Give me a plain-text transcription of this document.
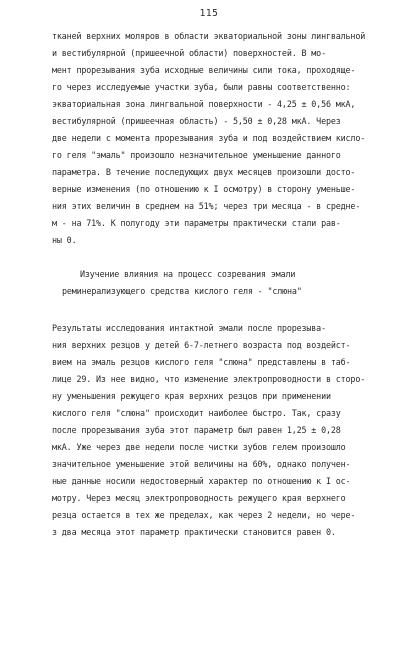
115
тканей верхних моляров в области экваториальной зоны лингвальной
и вестибулярной (пришеечной области) поверхностей. В мо-
мент прорезывания зуба исходные величины сили тока, проходяще-
го через исследуемые участки зуба, были равны соответственно:
экваториальная зона лингвальной поверхности - 4,25 ± 0,56 мкА,
вестибулярной (пришеечная область) - 5,50 ± 0,28 мкА. Через
две недели с момента прорезывания зуба и под воздействием кисло-
го геля "эмаль" произошло незначительное уменьшение данного
параметра. В течение последующих двух месяцев произошли досто-
верные изменения (по отношению к I осмотру) в сторону уменьше-
ния этих величин в среднем на 51%; через три месяца - в средне-
м - на 71%. К полугоду эти параметры практически стали рав-
ны 0.
Изучение влияния на процесс созревания эмали
реминерализующего средства кислого геля - "слюна"
Результаты исследования интактной эмали после прорезыва-
ния верхних резцов у детей 6-7-летнего возраста под воздейст-
вием на эмаль резцов кислого геля "слюна" представлены в таб-
лице 29. Из нее видно, что изменение электропроводности в сторо-
ну уменьшения режущего края верхних резцов при применении
кислого геля "слюна" происходит наиболее быстро. Так, сразу
после прорезывания зуба этот параметр был равен 1,25 ± 0,28
мкА. Уже через две недели после чистки зубов гелем произошло
значительное уменьшение этой величины на 60%, однако получен-
ные данные носили недостоверный характер по отношению к I ос-
мотру. Через месяц электропроводность режущего края верхнего
резца остается в тех же пределах, как через 2 недели, но чере-
з два месяца этот параметр практически становится равен 0.
